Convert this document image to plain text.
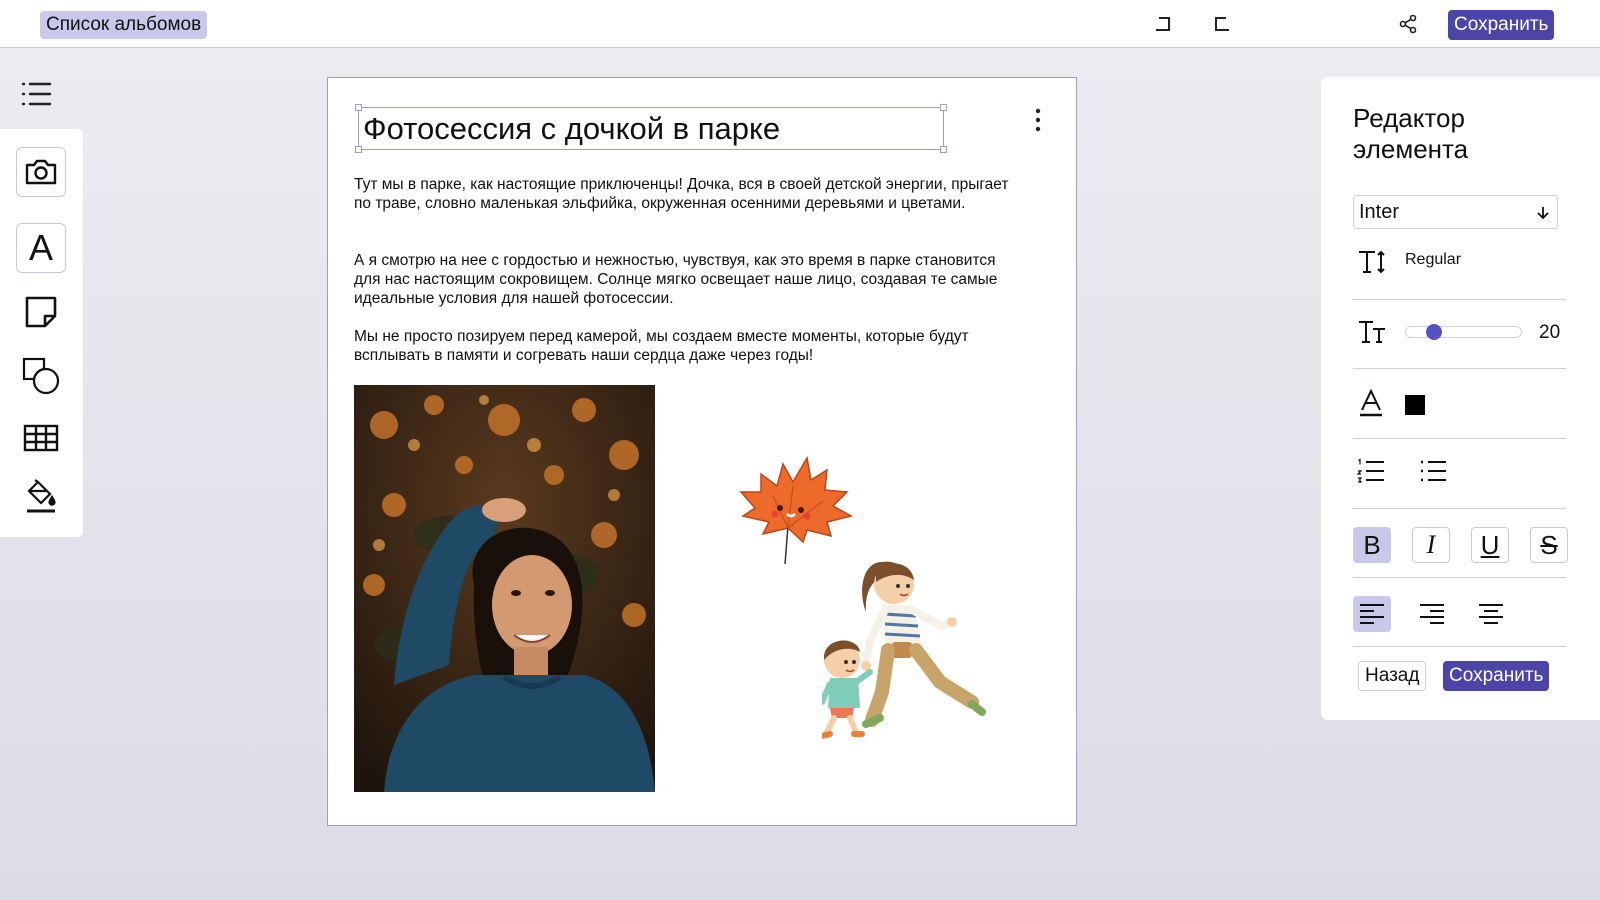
Список альбомов	Сохранить
A
Фотосессия с дочкой в парке

Тут мы в парке, как настоящие приключенцы! Дочка, вся в своей детской энергии, прыгает по траве, словно маленькая эльфийка, окруженная осенними деревьями и цветами.

А я смотрю на нее с гордостью и нежностью, чувствуя, как это время в парке становится для нас настоящим сокровищем. Солнце мягко освещает наше лицо, создавая те самые идеальные условия для нашей фотосессии.

Мы не просто позируем перед камерой, мы создаем вместе моменты, которые будут всплывать в памяти и согревать наши сердца даже через годы!

Редактор элемента
Inter
Regular
20
B I U S
Назад	Сохранить
